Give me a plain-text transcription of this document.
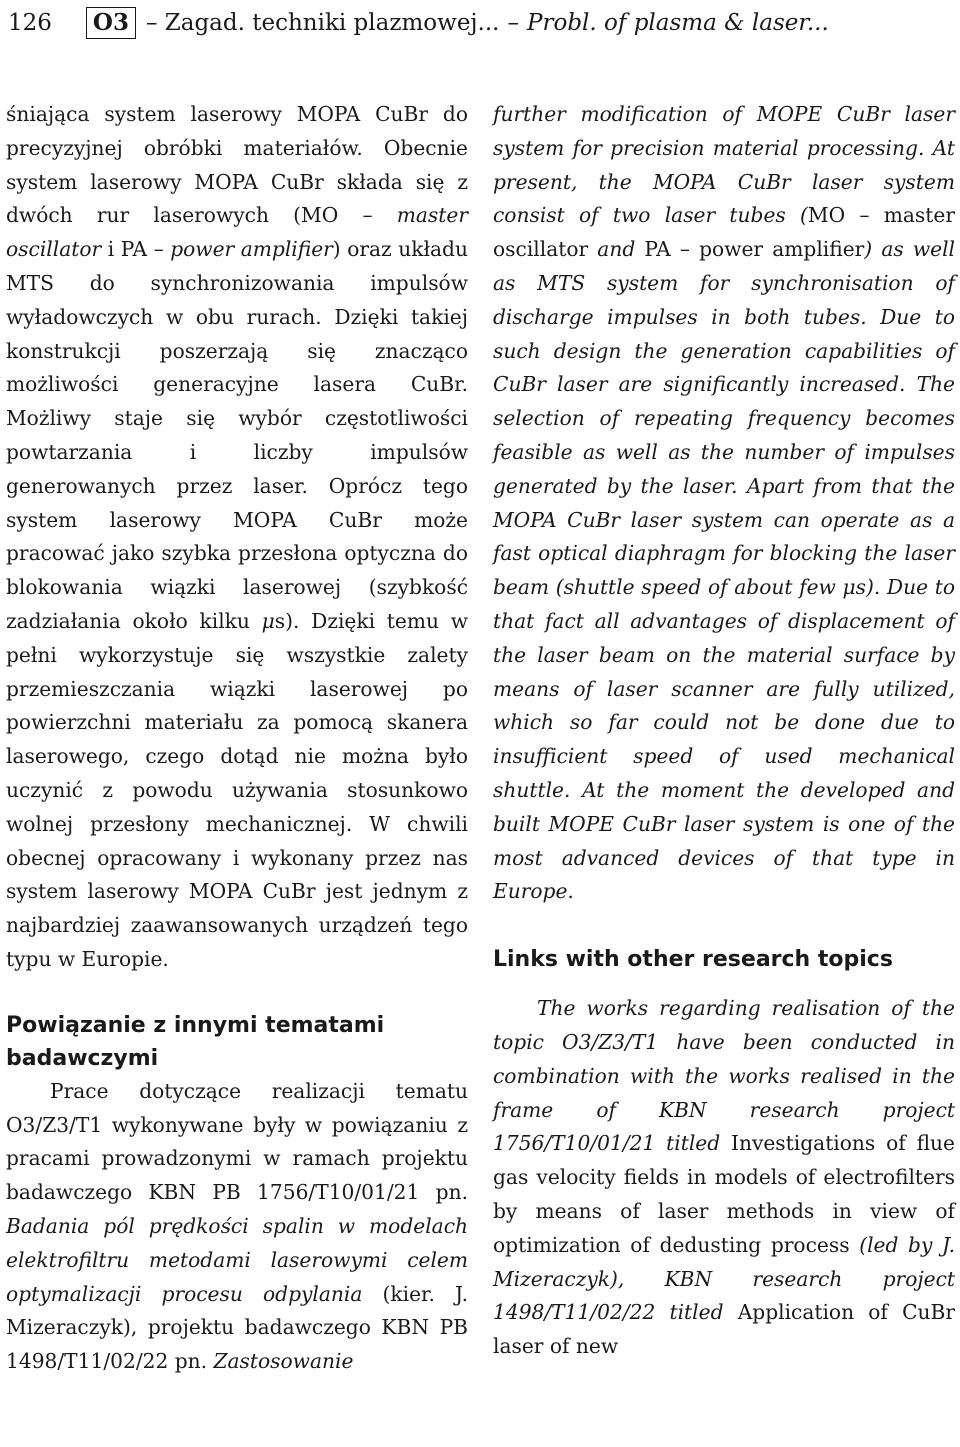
126	O3 – Zagad. techniki plazmowej... – Probl. of plasma & laser...

śniająca system laserowy MOPA CuBr do precyzyjnej obróbki materiałów. Obecnie system laserowy MOPA CuBr składa się z dwóch rur laserowych (MO – master oscillator i PA – power amplifier) oraz układu MTS do synchronizowania impulsów wyładowczych w obu rurach. Dzięki takiej konstrukcji poszerzają się znacząco możliwości generacyjne lasera CuBr. Możliwy staje się wybór częstotliwości powtarzania i liczby impulsów generowanych przez laser. Oprócz tego system laserowy MOPA CuBr może pracować jako szybka przesłona optyczna do blokowania wiązki laserowej (szybkość zadziałania około kilku μs). Dzięki temu w pełni wykorzystuje się wszystkie zalety przemieszczania wiązki laserowej po powierzchni materiału za pomocą skanera laserowego, czego dotąd nie można było uczynić z powodu używania stosunkowo wolnej przesłony mechanicznej. W chwili obecnej opracowany i wykonany przez nas system laserowy MOPA CuBr jest jednym z najbardziej zaawansowanych urządzeń tego typu w Europie.

Powiązanie z innymi tematami badawczymi

Prace dotyczące realizacji tematu O3/Z3/T1 wykonywane były w powiązaniu z pracami prowadzonymi w ramach projektu badawczego KBN PB 1756/T10/01/21 pn. Badania pól prędkości spalin w modelach elektrofiltru metodami laserowymi celem optymalizacji procesu odpylania (kier. J. Mizeraczyk), projektu badawczego KBN PB 1498/T11/02/22 pn. Zastosowanie

further modification of MOPE CuBr laser system for precision material processing. At present, the MOPA CuBr laser system consist of two laser tubes (MO – master oscillator and PA – power amplifier) as well as MTS system for synchronisation of discharge impulses in both tubes. Due to such design the generation capabilities of CuBr laser are significantly increased. The selection of repeating frequency becomes feasible as well as the number of impulses generated by the laser. Apart from that the MOPA CuBr laser system can operate as a fast optical diaphragm for blocking the laser beam (shuttle speed of about few μs). Due to that fact all advantages of displacement of the laser beam on the material surface by means of laser scanner are fully utilized, which so far could not be done due to insufficient speed of used mechanical shuttle. At the moment the developed and built MOPE CuBr laser system is one of the most advanced devices of that type in Europe.

Links with other research topics

The works regarding realisation of the topic O3/Z3/T1 have been conducted in combination with the works realised in the frame of KBN research project 1756/T10/01/21 titled Investigations of flue gas velocity fields in models of electrofilters by means of laser methods in view of optimization of dedusting process (led by J. Mizeraczyk), KBN research project 1498/T11/02/22 titled Application of CuBr laser of new
